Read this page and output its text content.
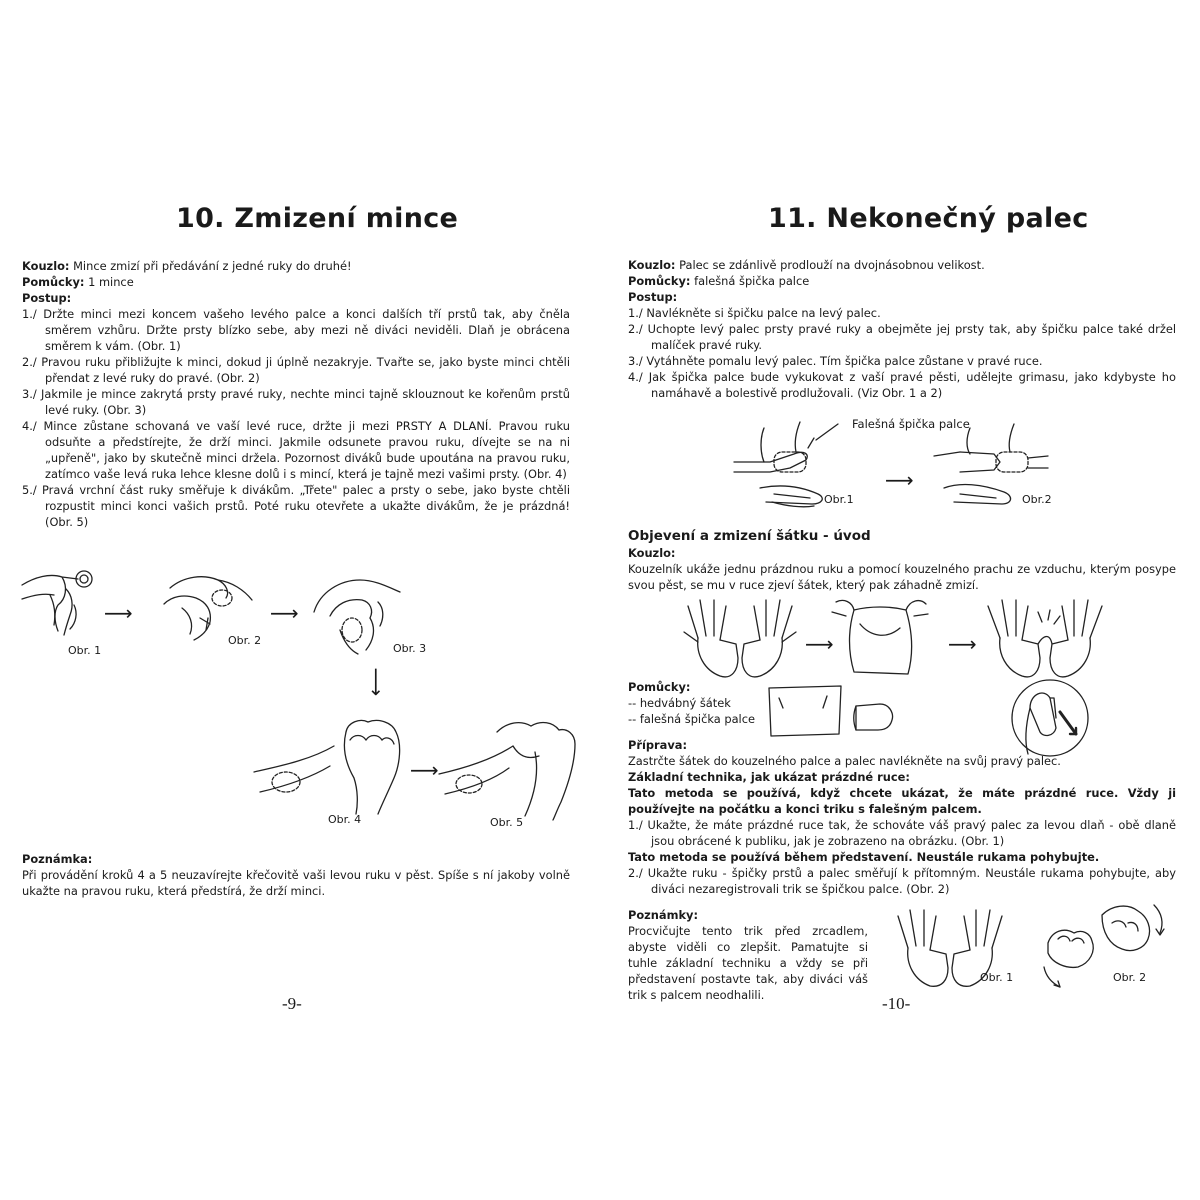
10. Zmizení mince

Kouzlo: Mince zmizí při předávání z jedné ruky do druhé!

Pomůcky: 1 mince

Postup:

1./ Držte minci mezi koncem vašeho levého palce a konci dalších tří prstů tak, aby čněla směrem vzhůru. Držte prsty blízko sebe, aby mezi ně diváci neviděli. Dlaň je obrácena směrem k vám. (Obr. 1)

2./ Pravou ruku přibližujte k minci, dokud ji úplně nezakryje. Tvařte se, jako byste minci chtěli přendat z levé ruky do pravé. (Obr. 2)

3./ Jakmile je mince zakrytá prsty pravé ruky, nechte minci tajně sklouznout ke kořenům prstů levé ruky. (Obr. 3)

4./ Mince zůstane schovaná ve vaší levé ruce, držte ji mezi PRSTY A DLANÍ. Pravou ruku odsuňte a předstírejte, že drží minci. Jakmile odsunete pravou ruku, dívejte se na ni „upřeně", jako by skutečně minci držela. Pozornost diváků bude upoutána na pravou ruku, zatímco vaše levá ruka lehce klesne dolů i s mincí, která je tajně mezi vašimi prsty. (Obr. 4)

5./ Pravá vrchní část ruky směřuje k divákům. „Třete" palec a prsty o sebe, jako byste chtěli rozpustit minci konci vašich prstů. Poté ruku otevřete a ukažte divákům, že je prázdná! (Obr. 5)

Obr. 1
⟶
Obr. 2
⟶
Obr. 3
⟶
Obr. 4
⟶
Obr. 5

Poznámka:

Při provádění kroků 4 a 5 neuzavírejte křečovitě vaši levou ruku v pěst. Spíše s ní jakoby volně ukažte na pravou ruku, která předstírá, že drží minci.

-9-
11. Nekonečný palec

Kouzlo: Palec se zdánlivě prodlouží na dvojnásobnou velikost.

Pomůcky: falešná špička palce

Postup:

1./ Navlékněte si špičku palce na levý palec.

2./ Uchopte levý palec prsty pravé ruky a obejměte jej prsty tak, aby špičku palce také držel malíček pravé ruky.

3./ Vytáhněte pomalu levý palec. Tím špička palce zůstane v pravé ruce.

4./ Jak špička palce bude vykukovat z vaší pravé pěsti, udělejte grimasu, jako kdybyste ho namáhavě a bolestivě prodlužovali. (Viz Obr. 1 a 2)

Falešná špička palce
Obr.1
⟶
Obr.2
Objevení a zmizení šátku - úvod

Kouzlo:

Kouzelník ukáže jednu prázdnou ruku a pomocí kouzelného prachu ze vzduchu, kterým posype svou pěst, se mu v ruce zjeví šátek, který pak záhadně zmizí.

⟶	⟶

Pomůcky:

-- hedvábný šátek

-- falešná špička palce

Příprava:

Zastrčte šátek do kouzelného palce a palec navlékněte na svůj pravý palec.

Základní technika, jak ukázat prázdné ruce:

Tato metoda se používá, když chcete ukázat, že máte prázdné ruce. Vždy ji používejte na počátku a konci triku s falešným palcem.

1./ Ukažte, že máte prázdné ruce tak, že schováte váš pravý palec za levou dlaň - obě dlaně jsou obrácené k publiku, jak je zobrazeno na obrázku. (Obr. 1)

Tato metoda se používá během představení. Neustále rukama pohybujte.

2./ Ukažte ruku - špičky prstů a palec směřují k přítomným. Neustále rukama pohybujte, aby diváci nezaregistrovali trik se špičkou palce. (Obr. 2)

Poznámky:

Procvičujte tento trik před zrcadlem, abyste viděli co zlepšit. Pamatujte si tuhle základní techniku a vždy se při představení postavte tak, aby diváci váš trik s palcem neodhalili.

Obr. 1	Obr. 2
-10-
